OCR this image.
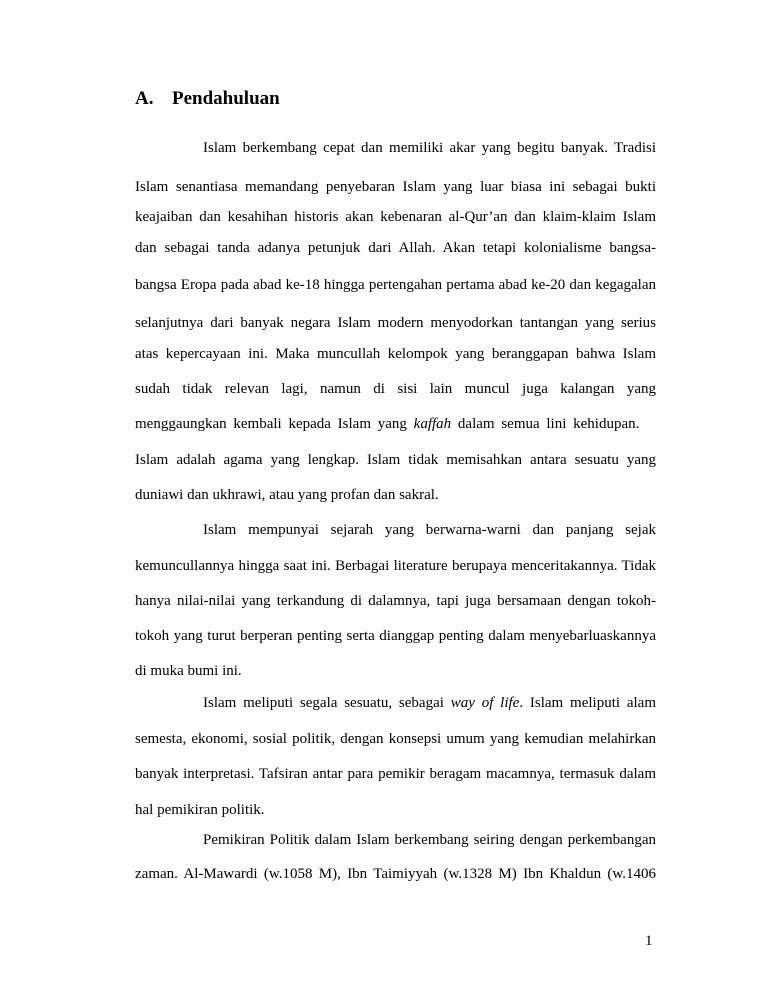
A. Pendahuluan
Islam berkembang cepat dan memiliki akar yang begitu banyak. Tradisi
Islam senantiasa memandang penyebaran Islam yang luar biasa ini sebagai bukti
keajaiban dan kesahihan historis akan kebenaran al-Qur’an dan klaim-klaim Islam
dan sebagai tanda adanya petunjuk dari Allah. Akan tetapi kolonialisme bangsa-
bangsa Eropa pada abad ke-18 hingga pertengahan pertama abad ke-20 dan kegagalan
selanjutnya dari banyak negara Islam modern menyodorkan tantangan yang serius
atas kepercayaan ini. Maka muncullah kelompok yang beranggapan bahwa Islam
sudah tidak relevan lagi, namun di sisi lain muncul juga kalangan yang
menggaungkan kembali kepada Islam yang kaffah dalam semua lini kehidupan.
Islam adalah agama yang lengkap. Islam tidak memisahkan antara sesuatu yang
duniawi dan ukhrawi, atau yang profan dan sakral.
Islam mempunyai sejarah yang berwarna-warni dan panjang sejak
kemuncullannya hingga saat ini. Berbagai literature berupaya menceritakannya. Tidak
hanya nilai-nilai yang terkandung di dalamnya, tapi juga bersamaan dengan tokoh-
tokoh yang turut berperan penting serta dianggap penting dalam menyebarluaskannya
di muka bumi ini.
Islam meliputi segala sesuatu, sebagai way of life. Islam meliputi alam
semesta, ekonomi, sosial politik, dengan konsepsi umum yang kemudian melahirkan
banyak interpretasi. Tafsiran antar para pemikir beragam macamnya, termasuk dalam
hal pemikiran politik.
Pemikiran Politik dalam Islam berkembang seiring dengan perkembangan
zaman. Al-Mawardi (w.1058 M), Ibn Taimiyyah (w.1328 M) Ibn Khaldun (w.1406
1
